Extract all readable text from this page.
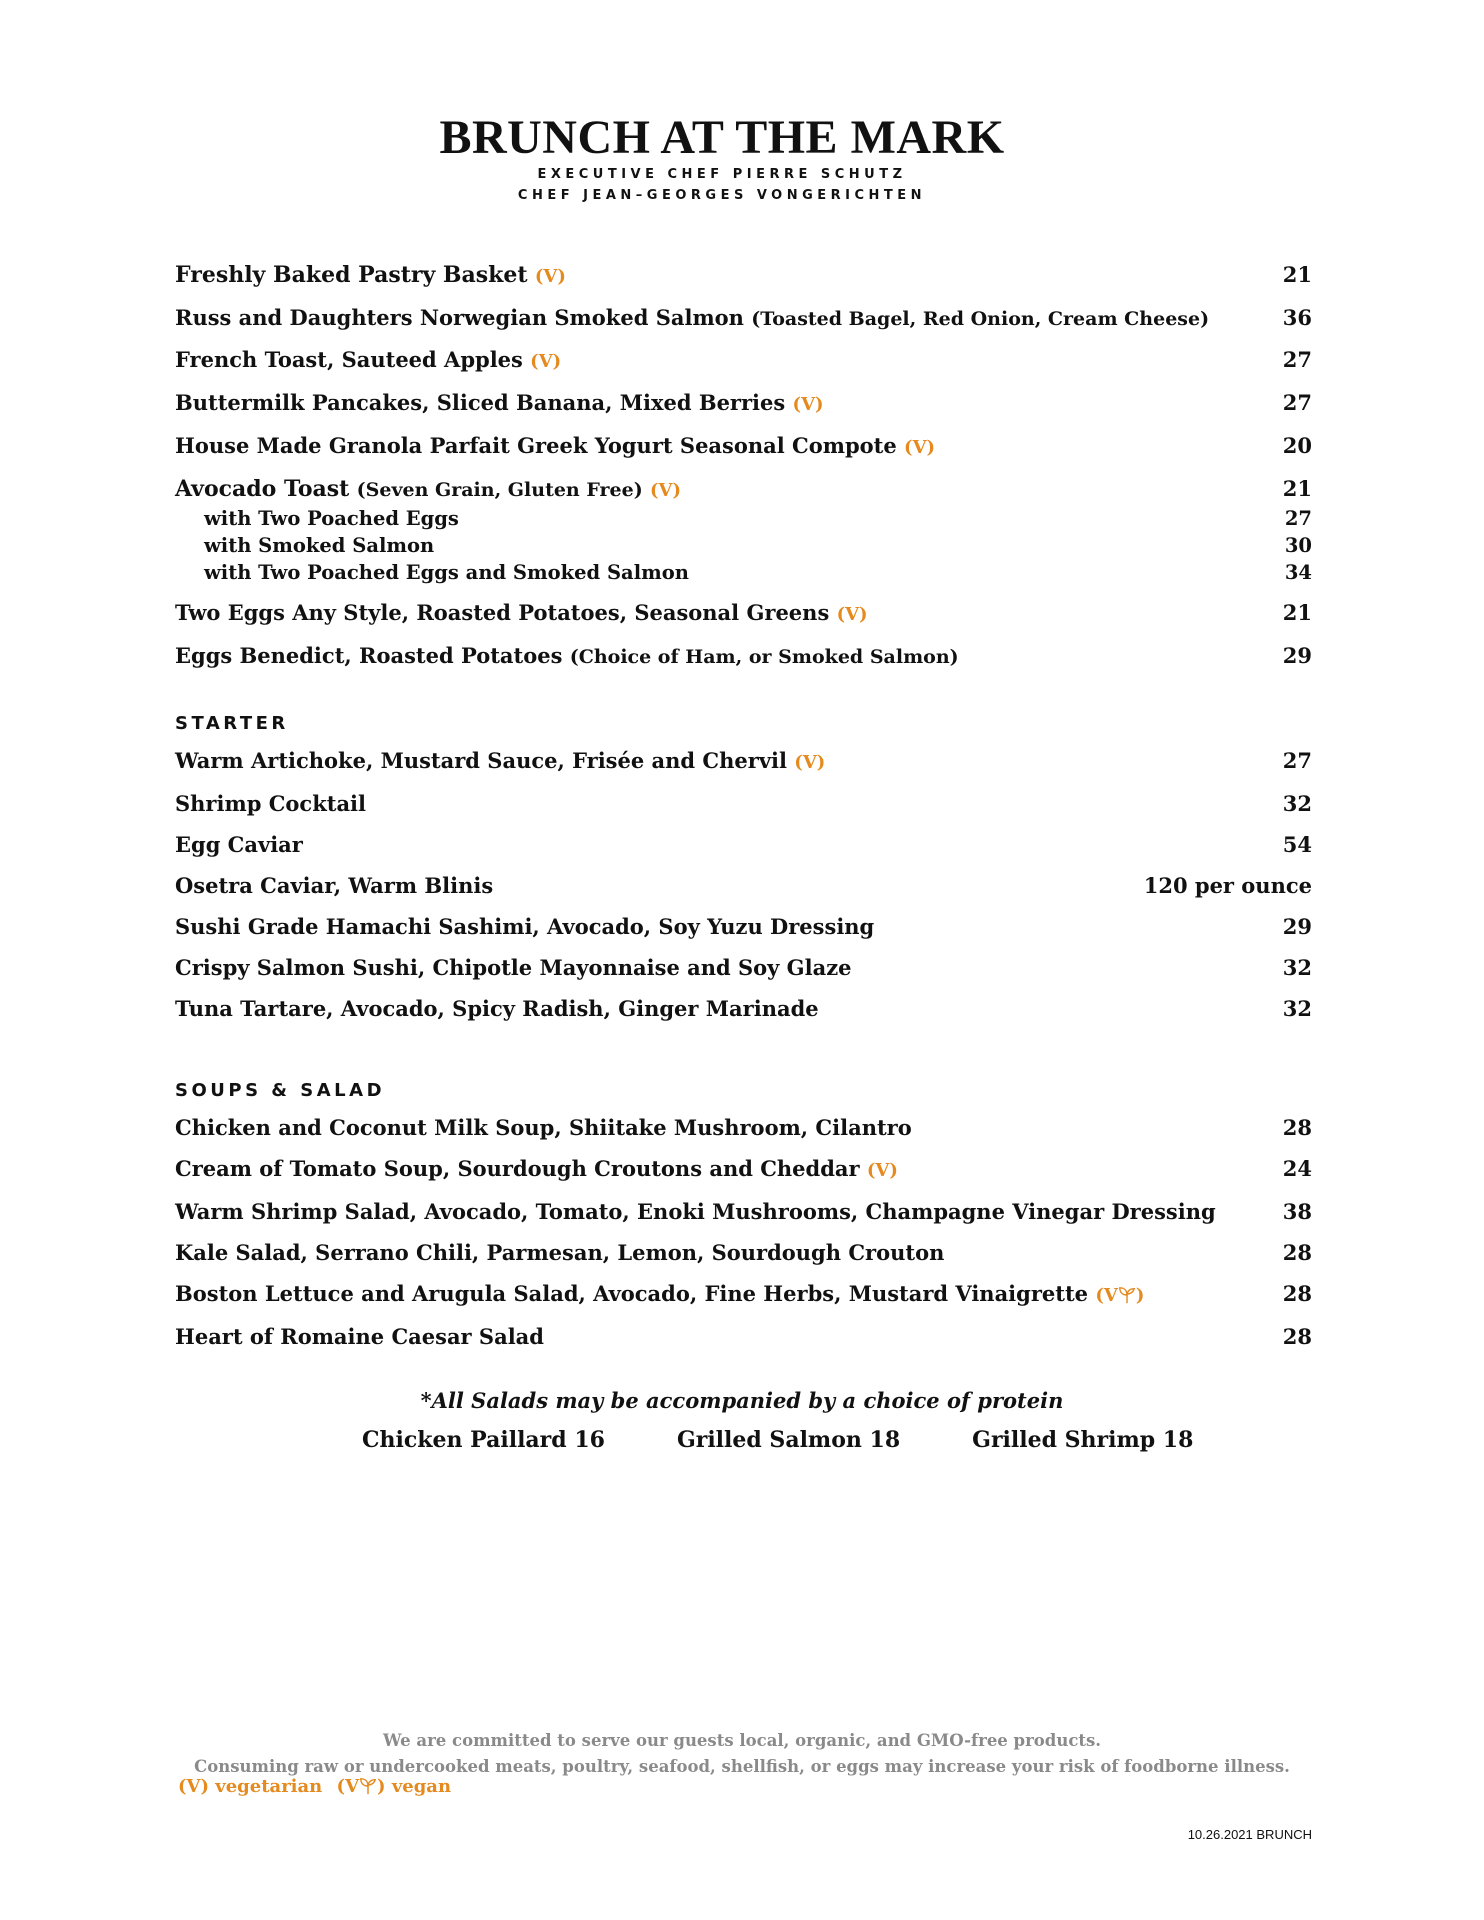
BRUNCH AT THE MARK
EXECUTIVE CHEF PIERRE SCHUTZ
CHEF JEAN–GEORGES VONGERICHTEN
Freshly Baked Pastry Basket (V)	21
Russ and Daughters Norwegian Smoked Salmon (Toasted Bagel, Red Onion, Cream Cheese)	36
French Toast, Sauteed Apples (V)	27
Buttermilk Pancakes, Sliced Banana, Mixed Berries (V)	27
House Made Granola Parfait Greek Yogurt Seasonal Compote (V)	20
Avocado Toast (Seven Grain, Gluten Free) (V)	21
with Two Poached Eggs	27
with Smoked Salmon	30
with Two Poached Eggs and Smoked Salmon	34
Two Eggs Any Style, Roasted Potatoes, Seasonal Greens (V)	21
Eggs Benedict, Roasted Potatoes (Choice of Ham, or Smoked Salmon)	29
STARTER
Warm Artichoke, Mustard Sauce, Frisée and Chervil (V)	27
Shrimp Cocktail	32
Egg Caviar	54
Osetra Caviar, Warm Blinis	120 per ounce
Sushi Grade Hamachi Sashimi, Avocado, Soy Yuzu Dressing	29
Crispy Salmon Sushi, Chipotle Mayonnaise and Soy Glaze	32
Tuna Tartare, Avocado, Spicy Radish, Ginger Marinade	32
SOUPS & SALAD
Chicken and Coconut Milk Soup, Shiitake Mushroom, Cilantro	28
Cream of Tomato Soup, Sourdough Croutons and Cheddar (V)	24
Warm Shrimp Salad, Avocado, Tomato, Enoki Mushrooms, Champagne Vinegar Dressing	38
Kale Salad, Serrano Chili, Parmesan, Lemon, Sourdough Crouton	28
Boston Lettuce and Arugula Salad, Avocado, Fine Herbs, Mustard Vinaigrette (V )	28
Heart of Romaine Caesar Salad	28
*All Salads may be accompanied by a choice of protein
Chicken Paillard 16	Grilled Salmon 18	Grilled Shrimp 18
We are committed to serve our guests local, organic, and GMO-free products.
Consuming raw or undercooked meats, poultry, seafood, shellfish, or eggs may increase your risk of foodborne illness.
(V) vegetarian (V ) vegan
10.26.2021 BRUNCH
